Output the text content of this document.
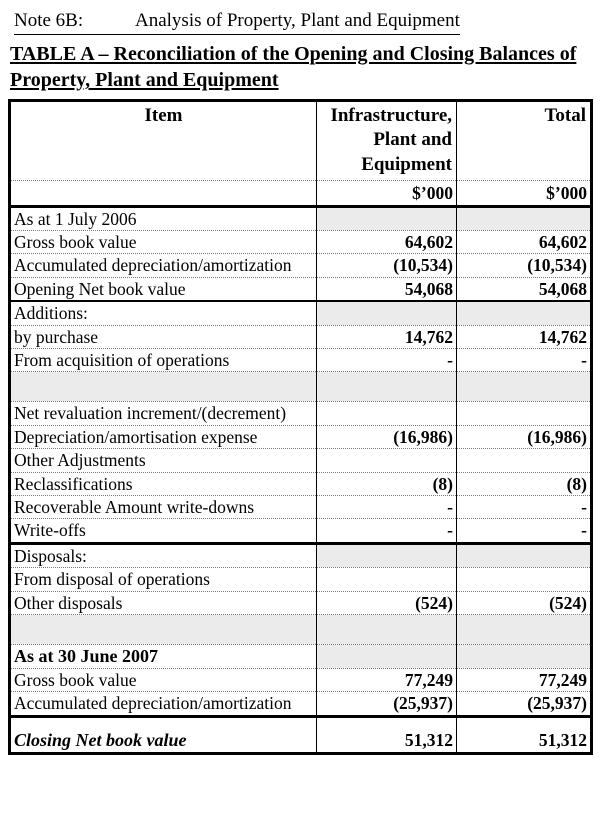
Note 6B:	Analysis of Property, Plant and Equipment
TABLE A – Reconciliation of the Opening and Closing Balances of Property, Plant and Equipment
Item	Infrastructure, Plant and Equipment	Total
	$’000	$’000
As at 1 July 2006		
Gross book value	64,602	64,602
Accumulated depreciation/amortization	(10,534)	(10,534)
Opening Net book value	54,068	54,068
Additions:		
by purchase	14,762	14,762
From acquisition of operations	-	-

Net revaluation increment/(decrement)		
Depreciation/amortisation expense	(16,986)	(16,986)
Other Adjustments		
Reclassifications	(8)	(8)
Recoverable Amount write-downs	-	-
Write-offs	-	-
Disposals:		
From disposal of operations		
Other disposals	(524)	(524)

As at 30 June 2007		
Gross book value	77,249	77,249
Accumulated depreciation/amortization	(25,937)	(25,937)
Closing Net book value	51,312	51,312
